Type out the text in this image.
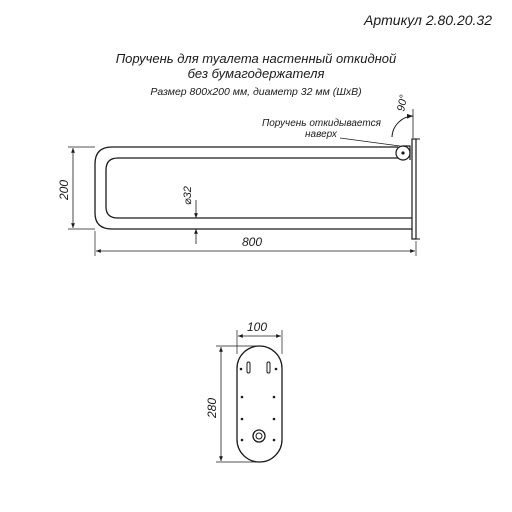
Артикул 2.80.20.32
Поручень для туалета настенный откидной
без бумагодержателя
Размер 800х200 мм, диаметр 32 мм (ШхВ)
Поручень откидывается
наверх
90°
200	⌀32
800
100
280
